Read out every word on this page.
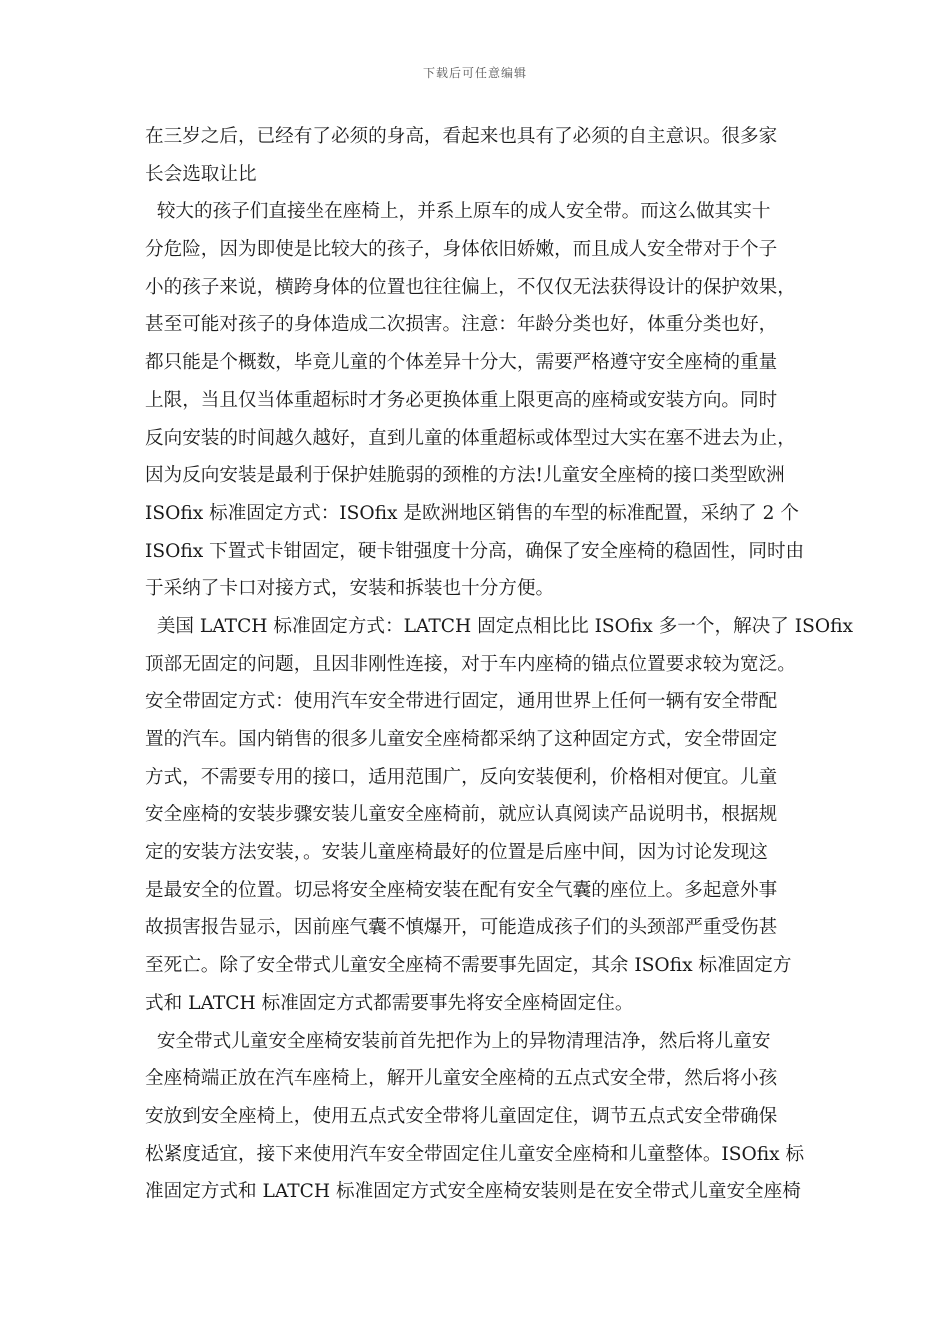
下载后可任意编辑

在三岁之后，已经有了必须的身高，看起来也具有了必须的自主意识。很多家
长会选取让比

较大的孩子们直接坐在座椅上，并系上原车的成人安全带。而这么做其实十
分危险，因为即使是比较大的孩子，身体依旧娇嫩，而且成人安全带对于个子
小的孩子来说，横跨身体的位置也往往偏上，不仅仅无法获得设计的保护效果，
甚至可能对孩子的身体造成二次损害。注意：年龄分类也好，体重分类也好，
都只能是个概数，毕竟儿童的个体差异十分大，需要严格遵守安全座椅的重量
上限，当且仅当体重超标时才务必更换体重上限更高的座椅或安装方向。同时
反向安装的时间越久越好，直到儿童的体重超标或体型过大实在塞不进去为止，
因为反向安装是最利于保护娃脆弱的颈椎的方法!儿童安全座椅的接口类型欧洲
ISOfix 标准固定方式：ISOfix 是欧洲地区销售的车型的标准配置，采纳了 2 个
ISOfix 下置式卡钳固定，硬卡钳强度十分高，确保了安全座椅的稳固性，同时由
于采纳了卡口对接方式，安装和拆装也十分方便。

美国 LATCH 标准固定方式：LATCH 固定点相比比 ISOfix 多一个，解决了 ISOfix
顶部无固定的问题，且因非刚性连接，对于车内座椅的锚点位置要求较为宽泛。
安全带固定方式：使用汽车安全带进行固定，通用世界上任何一辆有安全带配
置的汽车。国内销售的很多儿童安全座椅都采纳了这种固定方式，安全带固定
方式，不需要专用的接口，适用范围广，反向安装便利，价格相对便宜。儿童
安全座椅的安装步骤安装儿童安全座椅前，就应认真阅读产品说明书，根据规
定的安装方法安装，。安装儿童座椅最好的位置是后座中间，因为讨论发现这
是最安全的位置。切忌将安全座椅安装在配有安全气囊的座位上。多起意外事
故损害报告显示，因前座气囊不慎爆开，可能造成孩子们的头颈部严重受伤甚
至死亡。除了安全带式儿童安全座椅不需要事先固定，其余 ISOfix 标准固定方
式和 LATCH 标准固定方式都需要事先将安全座椅固定住。

安全带式儿童安全座椅安装前首先把作为上的异物清理洁净，然后将儿童安
全座椅端正放在汽车座椅上，解开儿童安全座椅的五点式安全带，然后将小孩
安放到安全座椅上，使用五点式安全带将儿童固定住，调节五点式安全带确保
松紧度适宜，接下来使用汽车安全带固定住儿童安全座椅和儿童整体。ISOfix 标
准固定方式和 LATCH 标准固定方式安全座椅安装则是在安全带式儿童安全座椅
